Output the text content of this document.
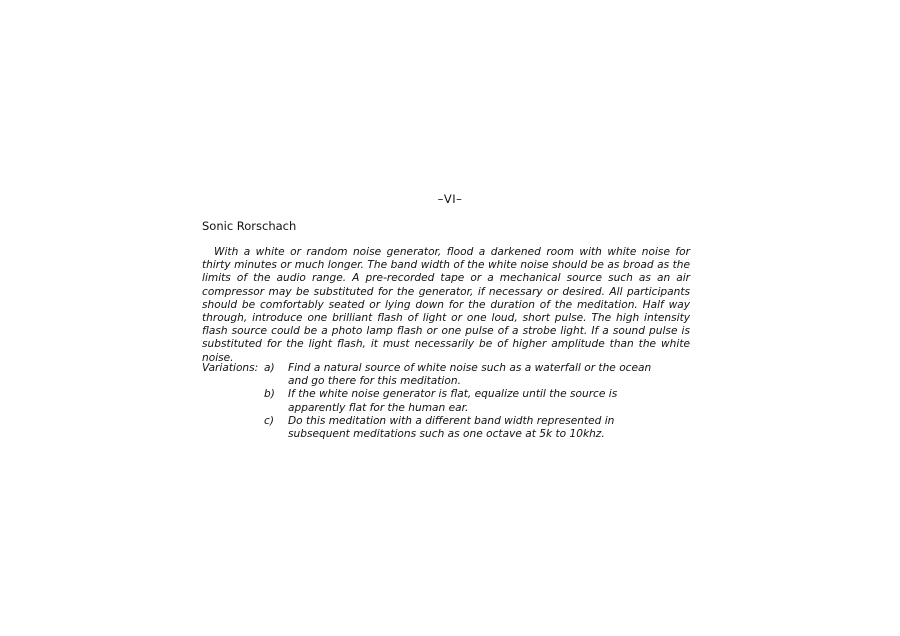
–VI–
Sonic Rorschach

With a white or random noise generator, flood a darkened room with white noise for thirty minutes or much longer. The band width of the white noise should be as broad as the limits of the audio range. A pre-recorded tape or a mechanical source such as an air compressor may be substituted for the generator, if necessary or desired. All participants should be comfortably seated or lying down for the duration of the meditation. Half way through, introduce one brilliant flash of light or one loud, short pulse. The high intensity flash source could be a photo lamp flash or one pulse of a strobe light. If a sound pulse is substituted for the light flash, it must necessarily be of higher amplitude than the white noise.

Variations: a)	Find a natural source of white noise such as a waterfall or the ocean and go there for this meditation.
b)	If the white noise generator is flat, equalize until the source is apparently flat for the human ear.
c)	Do this meditation with a different band width represented in subsequent meditations such as one octave at 5k to 10khz.
